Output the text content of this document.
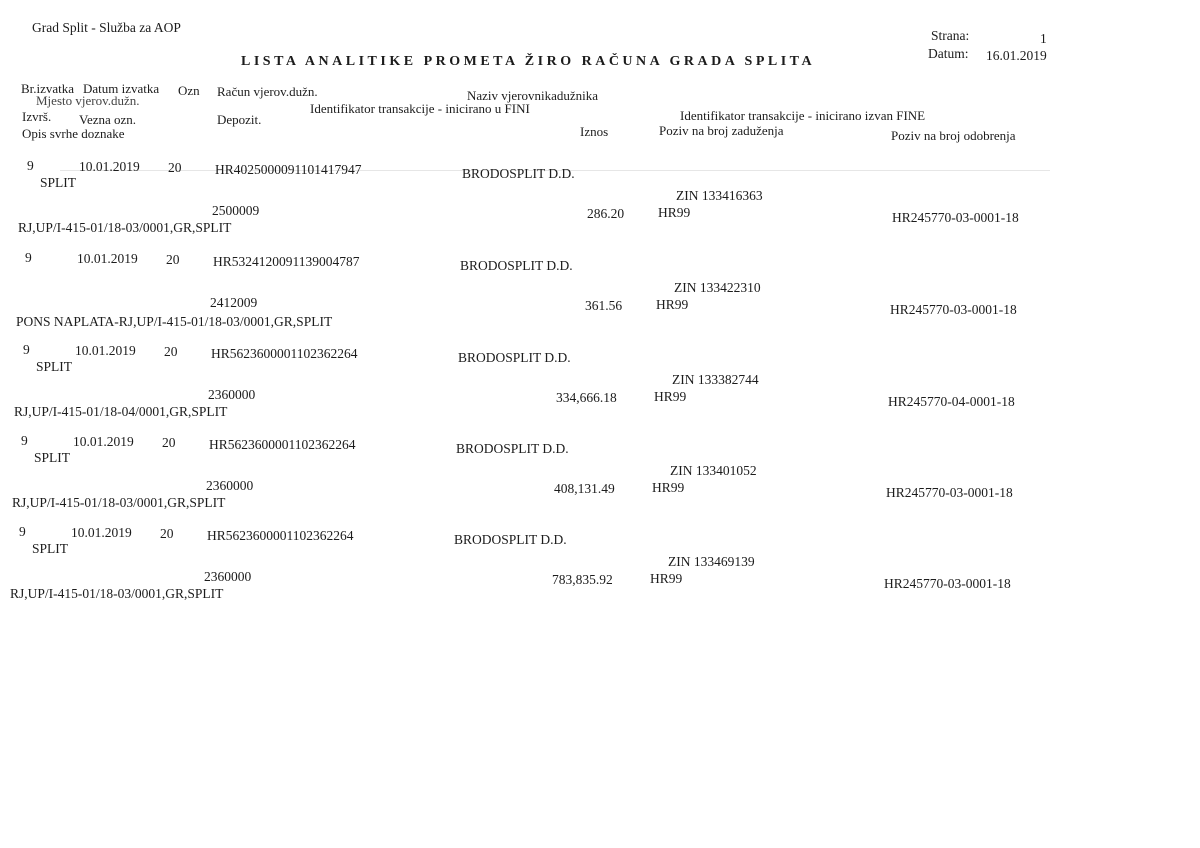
Grad Split - Služba za AOP
LISTA ANALITIKE PROMETA ŽIRO RAČUNA GRADA SPLITA
Strana:	1
Datum: 16.01.2019
Br.izvatka Datum izvatka Ozn Račun vjerov.dužn.	Naziv vjerovnikadužnika
Mjesto vjerov.dužn.
Identifikator transakcije - inicirano u FINI	Identifikator transakcije - inicirano izvan FINE
Izvrš. Vezna ozn.	Depozit.
Iznos	Poziv na broj zaduženja	Poziv na broj odobrenja
Opis svrhe doznake
9	10.01.2019 20 HR4025000091101417947	BRODOSPLIT D.D.
SPLIT
ZIN 133416363
2500009	286.20	HR99	HR245770-03-0001-18
RJ,UP/I-415-01/18-03/0001,GR,SPLIT
9	10.01.2019 20 HR5324120091139004787	BRODOSPLIT D.D.
ZIN 133422310
2412009	361.56	HR99	HR245770-03-0001-18
PONS NAPLATA-RJ,UP/I-415-01/18-03/0001,GR,SPLIT
9	10.01.2019 20 HR5623600001102362264	BRODOSPLIT D.D.
SPLIT
ZIN 133382744
2360000	334,666.18	HR99	HR245770-04-0001-18
RJ,UP/I-415-01/18-04/0001,GR,SPLIT
9	10.01.2019 20 HR5623600001102362264	BRODOSPLIT D.D.
SPLIT
ZIN 133401052
2360000	408,131.49	HR99	HR245770-03-0001-18
RJ,UP/I-415-01/18-03/0001,GR,SPLIT
9	10.01.2019 20 HR5623600001102362264	BRODOSPLIT D.D.
SPLIT
ZIN 133469139
2360000	783,835.92	HR99	HR245770-03-0001-18
RJ,UP/I-415-01/18-03/0001,GR,SPLIT
